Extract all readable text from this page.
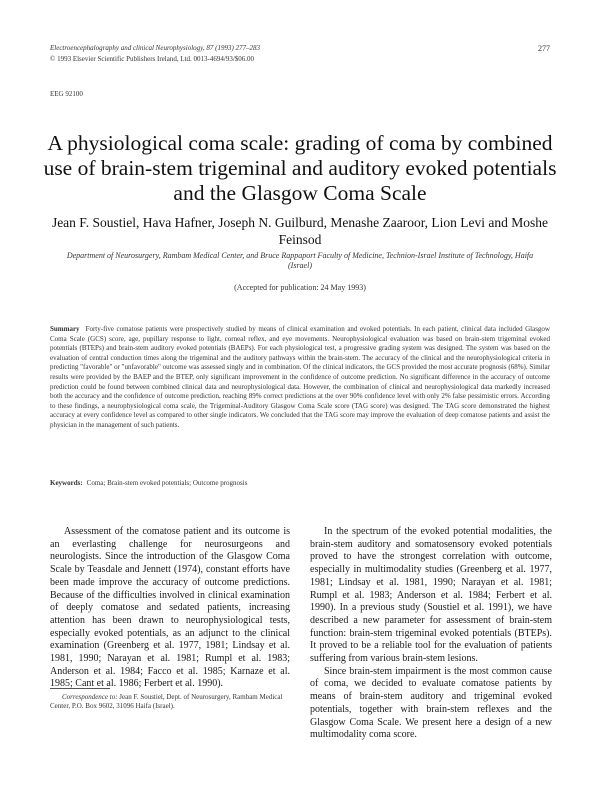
Electroencephalography and clinical Neurophysiology, 87 (1993) 277–283
© 1993 Elsevier Scientific Publishers Ireland, Ltd. 0013-4694/93/$06.00
277
EEG 92100
A physiological coma scale: grading of coma by combined use of brain-stem trigeminal and auditory evoked potentials and the Glasgow Coma Scale
Jean F. Soustiel, Hava Hafner, Joseph N. Guilburd, Menashe Zaaroor, Lion Levi and Moshe Feinsod
Department of Neurosurgery, Rambam Medical Center, and Bruce Rappaport Faculty of Medicine, Technion-Israel Institute of Technology, Haifa (Israel)
(Accepted for publication: 24 May 1993)
Summary Forty-five comatose patients were prospectively studied by means of clinical examination and evoked potentials. In each patient, clinical data included Glasgow Coma Scale (GCS) score, age, pupillary response to light, corneal reflex, and eye movements. Neurophysiological evaluation was based on brain-stem trigeminal evoked potentials (BTEPs) and brain-stem auditory evoked potentials (BAEPs). For each physiological test, a progressive grading system was designed. The system was based on the evaluation of central conduction times along the trigeminal and the auditory pathways within the brain-stem. The accuracy of the clinical and the neurophysiological criteria in predicting "favorable" or "unfavorable" outcome was assessed singly and in combination. Of the clinical indicators, the GCS provided the most accurate prognosis (68%). Similar results were provided by the BAEP and the BTEP, only significant improvement in the confidence of outcome prediction. No significant difference in the accuracy of outcome prediction could be found between combined clinical data and neurophysiological data. However, the combination of clinical and neurophysiological data markedly increased both the accuracy and the confidence of outcome prediction, reaching 89% correct predictions at the over 90% confidence level with only 2% false pessimistic errors. According to these findings, a neurophysiological coma scale, the Trigeminal-Auditory Glasgow Coma Scale score (TAG score) was designed. The TAG score demonstrated the highest accuracy at every confidence level as compared to other single indicators. We concluded that the TAG score may improve the evaluation of deep comatose patients and assist the physician in the management of such patients.
Keywords: Coma; Brain-stem evoked potentials; Outcome prognosis

Assessment of the comatose patient and its outcome is an everlasting challenge for neurosurgeons and neurologists. Since the introduction of the Glasgow Coma Scale by Teasdale and Jennett (1974), constant efforts have been made improve the accuracy of outcome predictions. Because of the difficulties involved in clinical examination of deeply comatose and sedated patients, increasing attention has been drawn to neurophysiological tests, especially evoked potentials, as an adjunct to the clinical examination (Greenberg et al. 1977, 1981; Lindsay et al. 1981, 1990; Narayan et al. 1981; Rumpl et al. 1983; Anderson et al. 1984; Facco et al. 1985; Karnaze et al. 1985; Cant et al. 1986; Ferbert et al. 1990).

In the spectrum of the evoked potential modalities, the brain-stem auditory and somatosensory evoked potentials proved to have the strongest correlation with outcome, especially in multimodality studies (Greenberg et al. 1977, 1981; Lindsay et al. 1981, 1990; Narayan et al. 1981; Rumpl et al. 1983; Anderson et al. 1984; Ferbert et al. 1990). In a previous study (Soustiel et al. 1991), we have described a new parameter for assessment of brain-stem function: brain-stem trigeminal evoked potentials (BTEPs). It proved to be a reliable tool for the evaluation of patients suffering from various brain-stem lesions.

Since brain-stem impairment is the most common cause of coma, we decided to evaluate comatose patients by means of brain-stem auditory and trigeminal evoked potentials, together with brain-stem reflexes and the Glasgow Coma Scale. We present here a design of a new multimodality coma score.

Correspondence to: Jean F. Soustiel, Dept. of Neurosurgery, Rambam Medical Center, P.O. Box 9602, 31096 Haifa (Israel).
